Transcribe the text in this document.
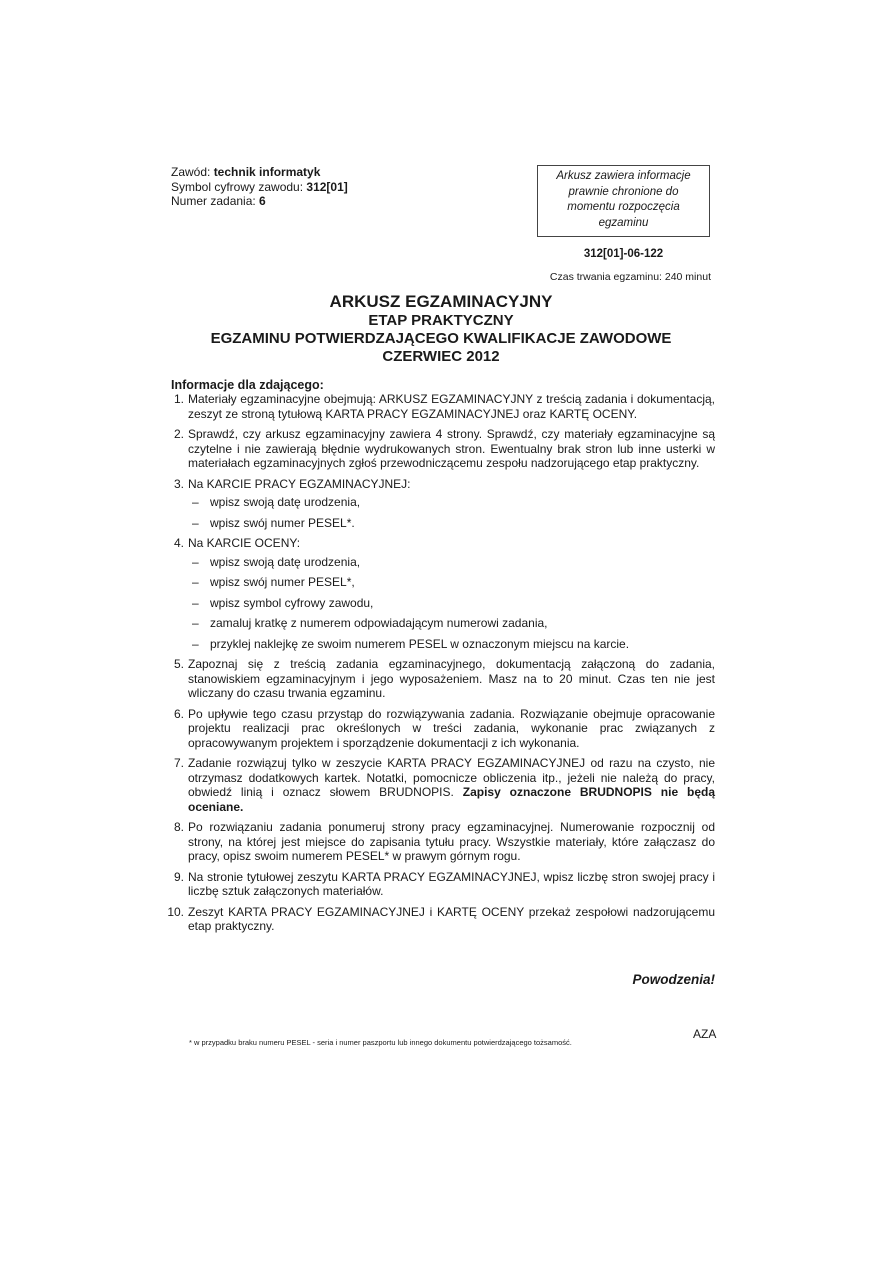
Zawód: technik informatyk
Symbol cyfrowy zawodu: 312[01]
Numer zadania: 6
Arkusz zawiera informacje
prawnie chronione do
momentu rozpoczęcia
egzaminu
312[01]-06-122
Czas trwania egzaminu: 240 minut
ARKUSZ EGZAMINACYJNY
ETAP PRAKTYCZNY
EGZAMINU POTWIERDZAJĄCEGO KWALIFIKACJE ZAWODOWE
CZERWIEC 2012
Informacje dla zdającego:
1. Materiały egzaminacyjne obejmują: ARKUSZ EGZAMINACYJNY z treścią zadania i dokumentacją, zeszyt ze stroną tytułową KARTA PRACY EGZAMINACYJNEJ oraz KARTĘ OCENY.
2. Sprawdź, czy arkusz egzaminacyjny zawiera 4 strony. Sprawdź, czy materiały egzaminacyjne są czytelne i nie zawierają błędnie wydrukowanych stron. Ewentualny brak stron lub inne usterki w materiałach egzaminacyjnych zgłoś przewodniczącemu zespołu nadzorującego etap praktyczny.
3. Na KARCIE PRACY EGZAMINACYJNEJ:
– wpisz swoją datę urodzenia,
– wpisz swój numer PESEL*.
4. Na KARCIE OCENY:
– wpisz swoją datę urodzenia,
– wpisz swój numer PESEL*,
– wpisz symbol cyfrowy zawodu,
– zamaluj kratkę z numerem odpowiadającym numerowi zadania,
– przyklej naklejkę ze swoim numerem PESEL w oznaczonym miejscu na karcie.
5. Zapoznaj się z treścią zadania egzaminacyjnego, dokumentacją załączoną do zadania, stanowiskiem egzaminacyjnym i jego wyposażeniem. Masz na to 20 minut. Czas ten nie jest wliczany do czasu trwania egzaminu.
6. Po upływie tego czasu przystąp do rozwiązywania zadania. Rozwiązanie obejmuje opracowanie projektu realizacji prac określonych w treści zadania, wykonanie prac związanych z opracowywanym projektem i sporządzenie dokumentacji z ich wykonania.
7. Zadanie rozwiązuj tylko w zeszycie KARTA PRACY EGZAMINACYJNEJ od razu na czysto, nie otrzymasz dodatkowych kartek. Notatki, pomocnicze obliczenia itp., jeżeli nie należą do pracy, obwiedź linią i oznacz słowem BRUDNOPIS. Zapisy oznaczone BRUDNOPIS nie będą oceniane.
8. Po rozwiązaniu zadania ponumeruj strony pracy egzaminacyjnej. Numerowanie rozpocznij od strony, na której jest miejsce do zapisania tytułu pracy. Wszystkie materiały, które załączasz do pracy, opisz swoim numerem PESEL* w prawym górnym rogu.
9. Na stronie tytułowej zeszytu KARTA PRACY EGZAMINACYJNEJ, wpisz liczbę stron swojej pracy i liczbę sztuk załączonych materiałów.
10. Zeszyt KARTA PRACY EGZAMINACYJNEJ i KARTĘ OCENY przekaż zespołowi nadzorującemu etap praktyczny.
Powodzenia!
* w przypadku braku numeru PESEL - seria i numer paszportu lub innego dokumentu potwierdzającego tożsamość.
AZA
